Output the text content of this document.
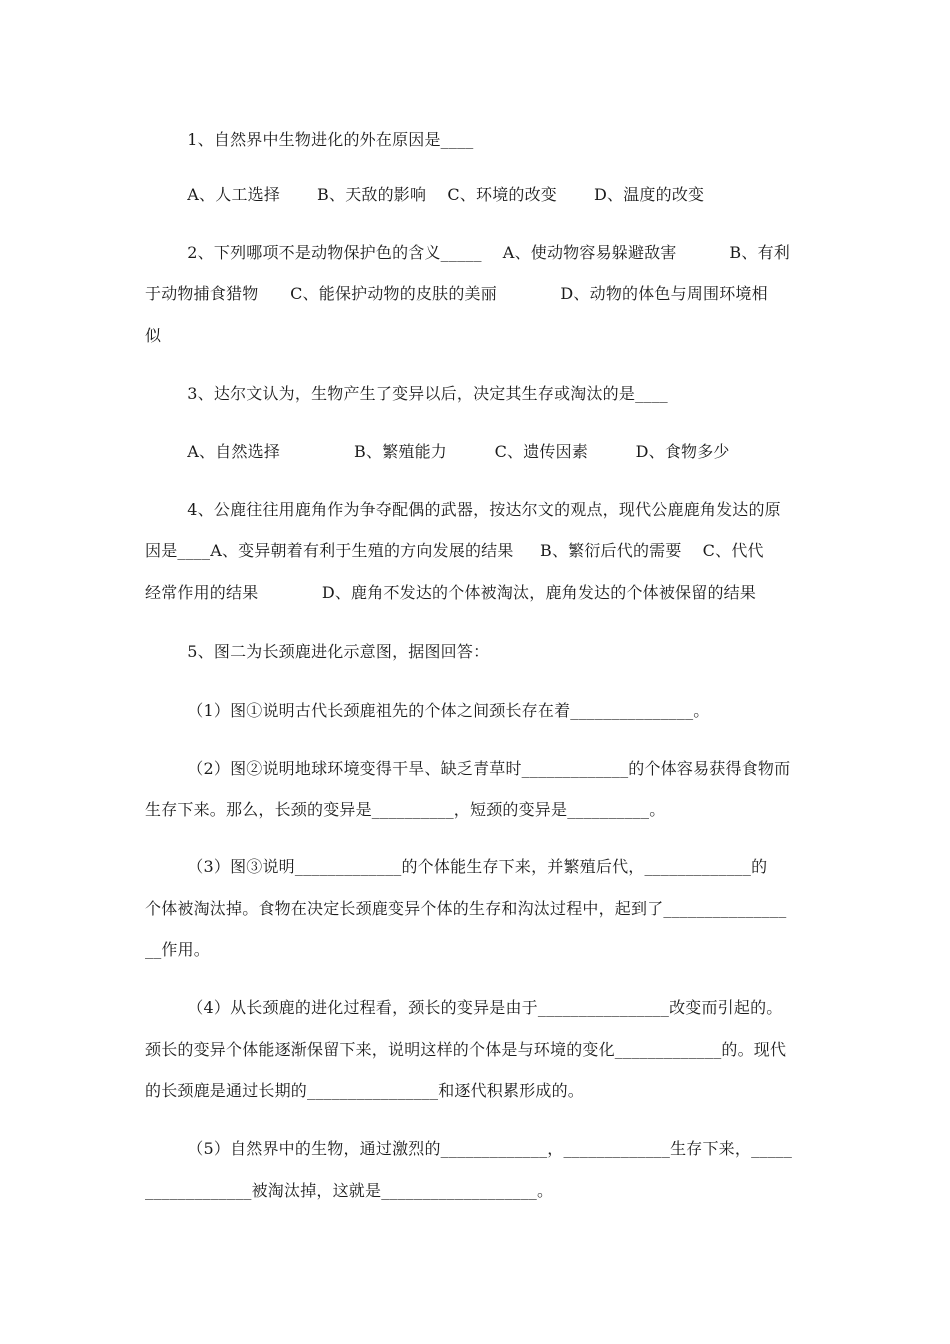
1、自然界中生物进化的外在原因是____
A、人工选择       B、天敌的影响    C、环境的改变       D、温度的改变
2、下列哪项不是动物保护色的含义_____    A、使动物容易躲避敌害          B、有利
于动物捕食猎物      C、能保护动物的皮肤的美丽            D、动物的体色与周围环境相
似
3、达尔文认为，生物产生了变异以后，决定其生存或淘汰的是____
A、自然选择              B、繁殖能力         C、遗传因素         D、食物多少
4、公鹿往往用鹿角作为争夺配偶的武器，按达尔文的观点，现代公鹿鹿角发达的原
因是____A、变异朝着有利于生殖的方向发展的结果     B、繁衍后代的需要    C、代代
经常作用的结果            D、鹿角不发达的个体被淘汰，鹿角发达的个体被保留的结果
5、图二为长颈鹿进化示意图，据图回答：
（1）图①说明古代长颈鹿祖先的个体之间颈长存在着_______________。
（2）图②说明地球环境变得干旱、缺乏青草时_____________的个体容易获得食物而
生存下来。那么，长颈的变异是__________，短颈的变异是__________。
（3）图③说明_____________的个体能生存下来，并繁殖后代，_____________的
个体被淘汰掉。食物在决定长颈鹿变异个体的生存和沟汰过程中，起到了_______________
__作用。
（4）从长颈鹿的进化过程看，颈长的变异是由于________________改变而引起的。
颈长的变异个体能逐渐保留下来，说明这样的个体是与环境的变化_____________的。现代
的长颈鹿是通过长期的________________和逐代积累形成的。
（5）自然界中的生物，通过激烈的_____________，_____________生存下来，_____
_____________被淘汰掉，这就是___________________。
